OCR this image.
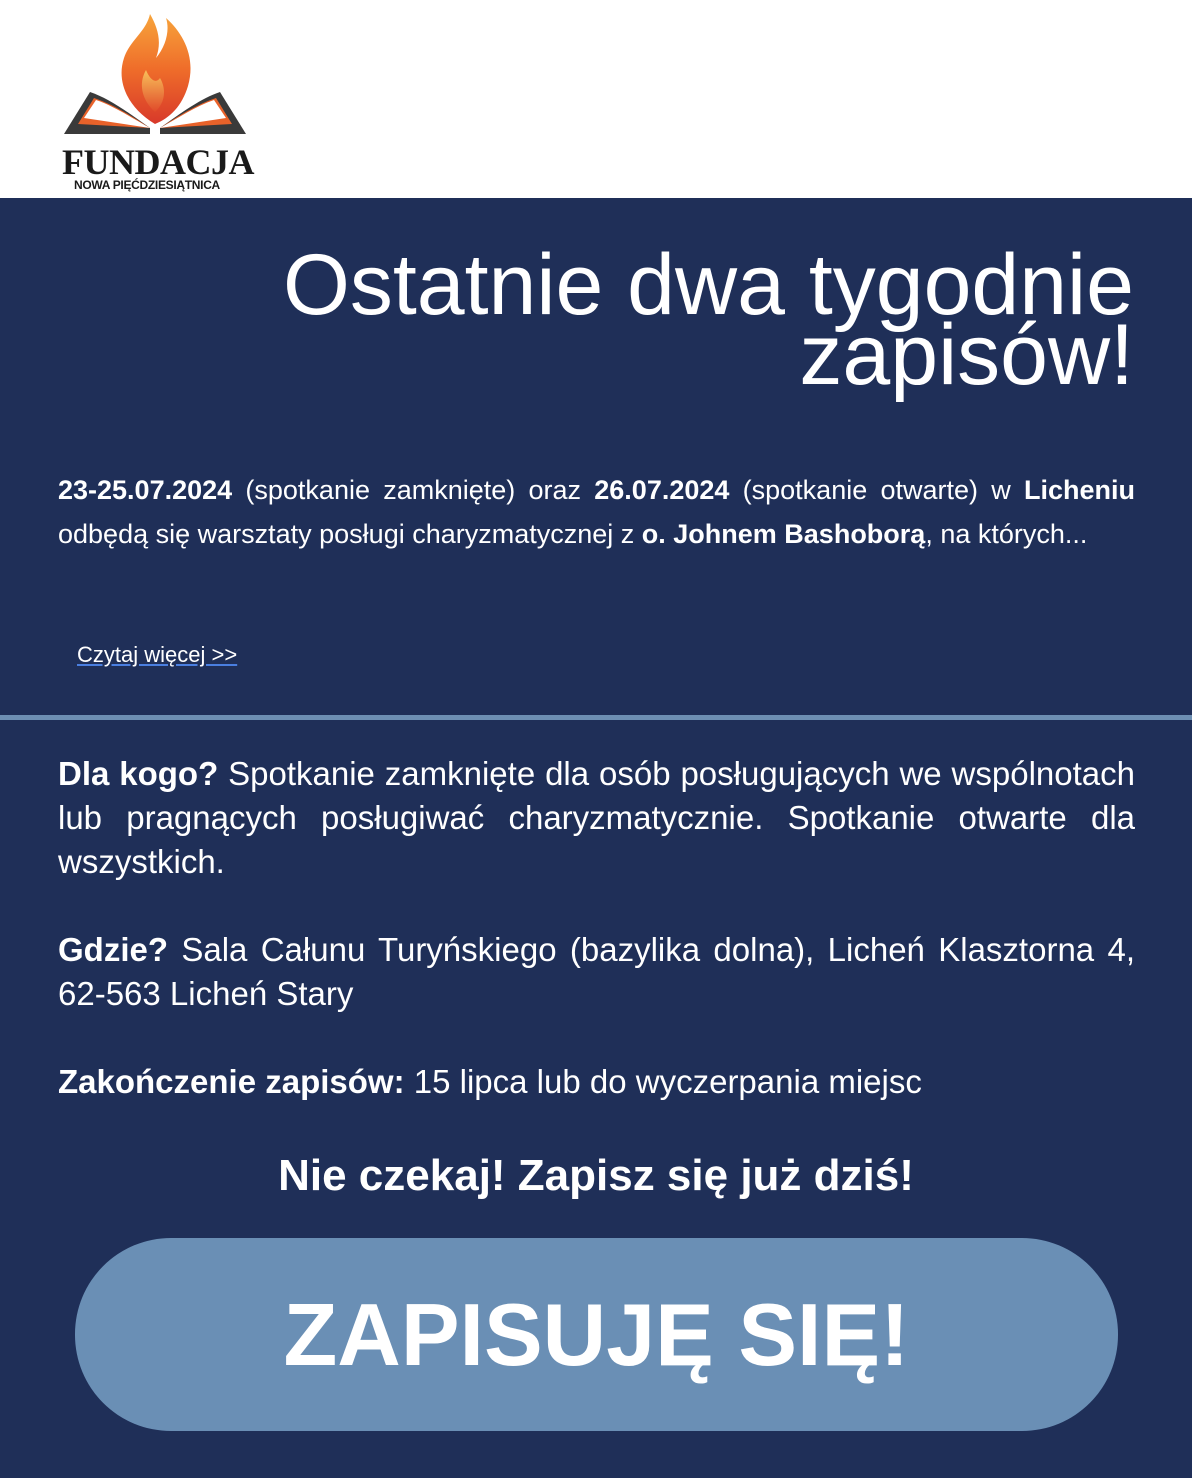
FUNDACJA
NOWA PIĘĆDZIESIĄTNICA
Ostatnie dwa tygodnie
zapisów!

23-25.07.2024 (spotkanie zamknięte) oraz 26.07.2024 (spotkanie otwarte) w Licheniu odbędą się warsztaty posługi charyzmatycznej z o. Johnem Bashoborą, na których...

Czytaj więcej >>

Dla kogo? Spotkanie zamknięte dla osób posługujących we wspólnotach lub pragnących posługiwać charyzmatycznie. Spotkanie otwarte dla wszystkich.

Gdzie? Sala Całunu Turyńskiego (bazylika dolna), Licheń Klasztorna 4, 62-563 Licheń Stary

Zakończenie zapisów: 15 lipca lub do wyczerpania miejsc

Nie czekaj! Zapisz się już dziś!

ZAPISUJĘ SIĘ!
